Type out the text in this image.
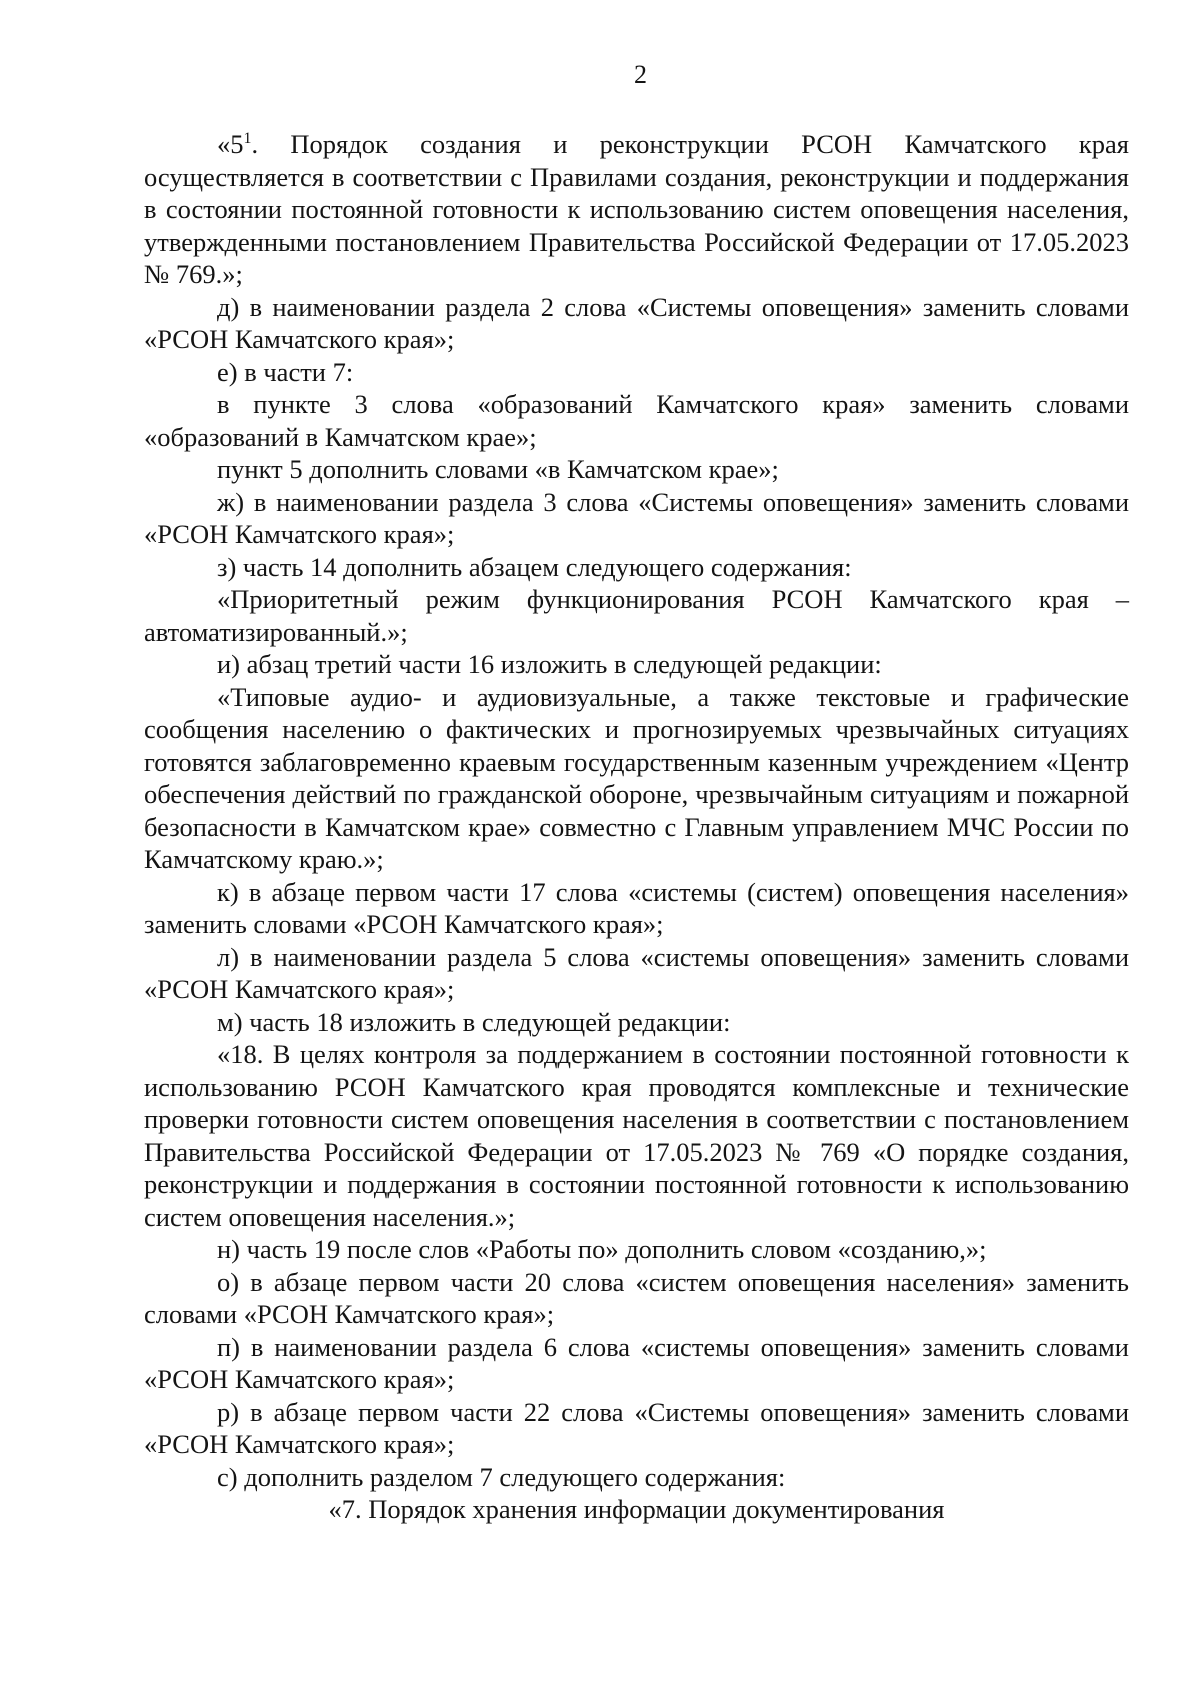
2

«$5^1$. Порядок создания и реконструкции РСОН Камчатского края осуществляется в соответствии с Правилами создания, реконструкции и поддержания в состоянии постоянной готовности к использованию систем оповещения населения, утвержденными постановлением Правительства Российской Федерации от 17.05.2023 № 769.»;

д) в наименовании раздела 2 слова «Системы оповещения» заменить словами «РСОН Камчатского края»;

е) в части 7:

в пункте 3 слова «образований Камчатского края» заменить словами «образований в Камчатском крае»;

пункт 5 дополнить словами «в Камчатском крае»;

ж) в наименовании раздела 3 слова «Системы оповещения» заменить словами «РСОН Камчатского края»;

з) часть 14 дополнить абзацем следующего содержания:

«Приоритетный режим функционирования РСОН Камчатского края – автоматизированный.»;

и) абзац третий части 16 изложить в следующей редакции:

«Типовые аудио- и аудиовизуальные, а также текстовые и графические сообщения населению о фактических и прогнозируемых чрезвычайных ситуациях готовятся заблаговременно краевым государственным казенным учреждением «Центр обеспечения действий по гражданской обороне, чрезвычайным ситуациям и пожарной безопасности в Камчатском крае» совместно с Главным управлением МЧС России по Камчатскому краю.»;

к) в абзаце первом части 17 слова «системы (систем) оповещения населения» заменить словами «РСОН Камчатского края»;

л) в наименовании раздела 5 слова «системы оповещения» заменить словами «РСОН Камчатского края»;

м) часть 18 изложить в следующей редакции:

«18. В целях контроля за поддержанием в состоянии постоянной готовности к использованию РСОН Камчатского края проводятся комплексные и технические проверки готовности систем оповещения населения в соответствии с постановлением Правительства Российской Федерации от 17.05.2023 № 769 «О порядке создания, реконструкции и поддержания в состоянии постоянной готовности к использованию систем оповещения населения.»;

н) часть 19 после слов «Работы по» дополнить словом «созданию,»;

о) в абзаце первом части 20 слова «систем оповещения населения» заменить словами «РСОН Камчатского края»;

п) в наименовании раздела 6 слова «системы оповещения» заменить словами «РСОН Камчатского края»;

р) в абзаце первом части 22 слова «Системы оповещения» заменить словами «РСОН Камчатского края»;

с) дополнить разделом 7 следующего содержания:

«7. Порядок хранения информации документирования
